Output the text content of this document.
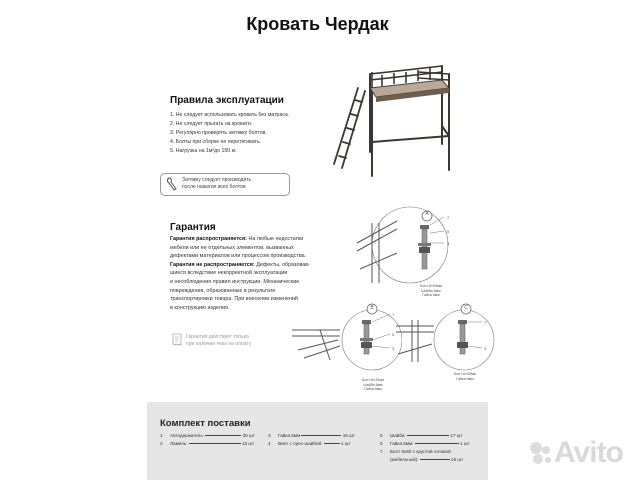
Кровать Чердак
Правила эксплуатации
1. Не следует использовать кровать без матраса.
2. Не следует прыгать на кровати.
3. Регулярно проверять затяжку болтов.
4. Болты при сборке не перетягивать.
5. Нагрузка на 1м²до 150 кг.
Затяжку следует производить
после нажатия всех болтов
Гарантия
Гарантия распространяется: На любые недостатки
мебели или ее отдельных элементов, вызванных
дефектами материалов или процессом производства.
Гарантия не распространяется: Дефекты, образовав-
шиеся вследствие некорректной эксплуатации
и несоблюдения правил инструкции. Механические
повреждения, образованные в результате
транспортировки товара. При внесении изменений
в конструкцию изделия.
Гарантия действует только
при наличии чека на оплату
7
5
3
A
Болт 8×65мм
Шайба 8мм
Гайка 8мм
7
5
3
B
Болт 8×40мм
Шайба 8мм
Гайка 8мм
7
3
C
Болт 8×65мм
Гайка 8мм
Комплект поставки
1 Автодержатель:	30 шт
2 Ламель:	15 шт
3 Гайка 8мм	16 шт
4 Винт с прес-шайбой:	1 шт
5 Шайба:	17 шт
6 Гайка 8мм:	1 шт
7 Болт 8х60 с круглой головой
(мебельный):	16 шт	Avito
